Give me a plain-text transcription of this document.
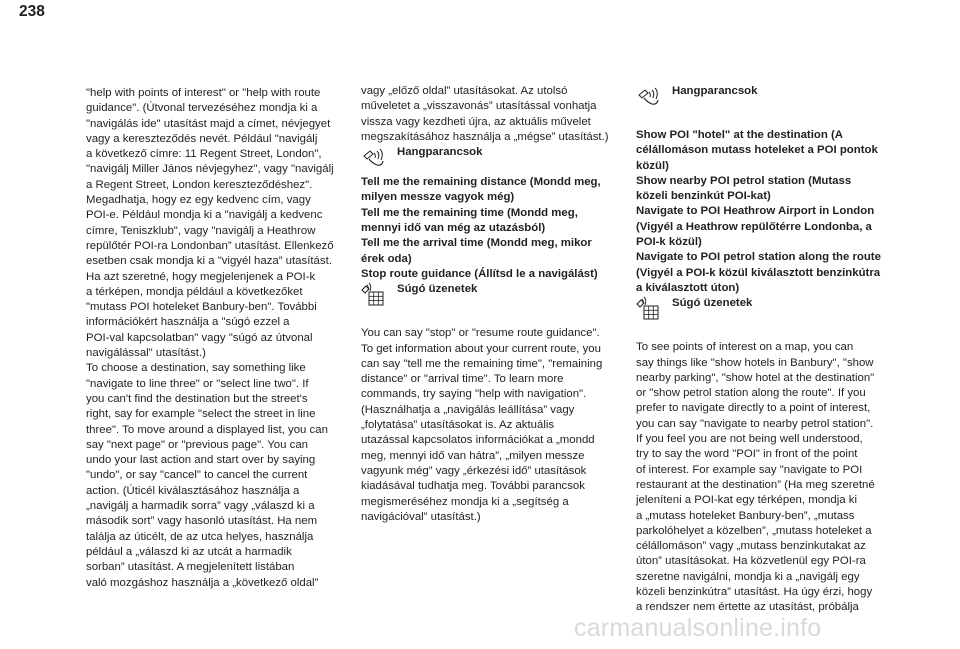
238
"help with points of interest" or "help with route
guidance". (Útvonal tervezéséhez mondja ki a
"navigálás ide" utasítást majd a címet, névjegyet
vagy a kereszteződés nevét. Például "navigálj
a következő címre: 11 Regent Street, London",
"navigálj Miller János névjegyhez", vagy "navigálj
a Regent Street, London kereszteződéshez".
Megadhatja, hogy ez egy kedvenc cím, vagy
POI-e. Például mondja ki a "navigálj a kedvenc
címre, Teniszklub", vagy "navigálj a Heathrow
repülőtér POI-ra Londonban” utasítást. Ellenkező
esetben csak mondja ki a "vigyél haza” utasítást.
Ha azt szeretné, hogy megjelenjenek a POI-k
a térképen, mondja például a következőket
"mutass POI hoteleket Banbury-ben". További
információkért használja a "súgó ezzel a
POI-val kapcsolatban" vagy "súgó az útvonal
navigálással" utasítást.)
To choose a destination, say something like
"navigate to line three" or "select line two". If
you can't find the destination but the street's
right, say for example "select the street in line
three". To move around a displayed list, you can
say "next page" or "previous page". You can
undo your last action and start over by saying
"undo", or say "cancel" to cancel the current
action. (Úticél kiválasztásához használja a
„navigálj a harmadik sorra” vagy „válaszd ki a
második sort” vagy hasonló utasítást. Ha nem
találja az úticélt, de az utca helyes, használja
például a „válaszd ki az utcát a harmadik
sorban” utasítást. A megjelenített listában
való mozgáshoz használja a „következő oldal”
vagy „előző oldal” utasításokat. Az utolsó
műveletet a „visszavonás” utasítással vonhatja
vissza vagy kezdheti újra, az aktuális művelet
megszakításához használja a „mégse” utasítást.)
Hangparancsok
Tell me the remaining distance (Mondd meg,
milyen messze vagyok még)
Tell me the remaining time (Mondd meg,
mennyi idő van még az utazásból)
Tell me the arrival time (Mondd meg, mikor
érek oda)
Stop route guidance (Állítsd le a navigálást)
Súgó üzenetek
You can say "stop" or "resume route guidance".
To get information about your current route, you
can say "tell me the remaining time", "remaining
distance" or "arrival time". To learn more
commands, try saying "help with navigation".
(Használhatja a „navigálás leállítása” vagy
„folytatása” utasításokat is. Az aktuális
utazással kapcsolatos információkat a „mondd
meg, mennyi idő van hátra”, „milyen messze
vagyunk még” vagy „érkezési idő” utasítások
kiadásával tudhatja meg. További parancsok
megismeréséhez mondja ki a „segítség a
navigációval” utasítást.)
Hangparancsok
Show POI "hotel" at the destination (A
célállomáson mutass hoteleket a POI pontok
közül)
Show nearby POI petrol station (Mutass
közeli benzinkút POI-kat)
Navigate to POI Heathrow Airport in London
(Vigyél a Heathrow repülőtérre Londonba, a
POI-k közül)
Navigate to POI petrol station along the route
(Vigyél a POI-k közül kiválasztott benzinkútra
a kiválasztott úton)
Súgó üzenetek
To see points of interest on a map, you can
say things like "show hotels in Banbury", "show
nearby parking", "show hotel at the destination"
or "show petrol station along the route". If you
prefer to navigate directly to a point of interest,
you can say "navigate to nearby petrol station".
If you feel you are not being well understood,
try to say the word "POI" in front of the point
of interest. For example say "navigate to POI
restaurant at the destination” (Ha meg szeretné
jeleníteni a POI-kat egy térképen, mondja ki
a „mutass hoteleket Banbury-ben”, „mutass
parkolóhelyet a közelben”, „mutass hoteleket a
célállomáson” vagy „mutass benzinkutakat az
úton” utasításokat. Ha közvetlenül egy POI-ra
szeretne navigálni, mondja ki a „navigálj egy
közeli benzinkútra” utasítást. Ha úgy érzi, hogy
a rendszer nem értette az utasítást, próbálja
carmanualsonline.info
